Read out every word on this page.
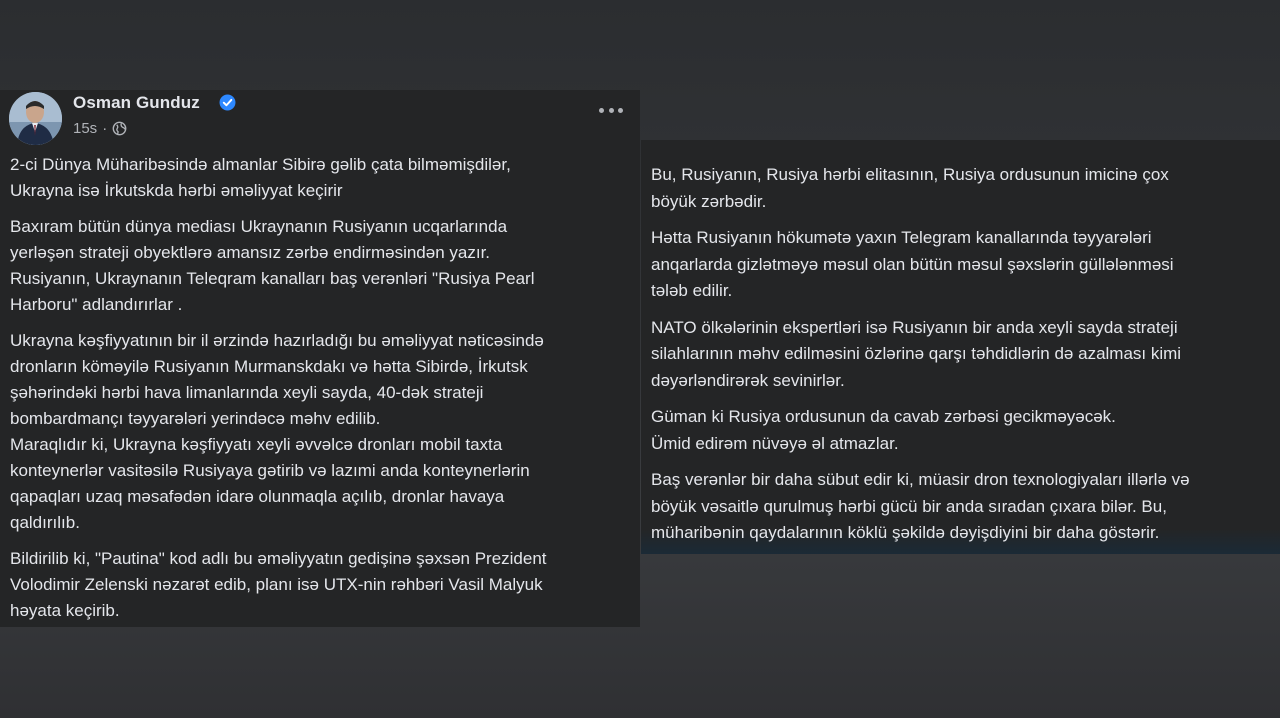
Osman Gunduz
15s ·

2-ci Dünya Müharibəsində almanlar Sibirə gəlib çata bilməmişdilər,
Ukrayna isə İrkutskda hərbi əməliyyat keçirir

Baxıram bütün dünya mediası Ukraynanın Rusiyanın ucqarlarında
yerləşən strateji obyektlərə amansız zərbə endirməsindən yazır.
Rusiyanın, Ukraynanın Teleqram kanalları baş verənləri "Rusiya Pearl
Harboru" adlandırırlar .

Ukrayna kəşfiyyatının bir il ərzində hazırladığı bu əməliyyat nəticəsində
dronların köməyilə Rusiyanın Murmanskdakı və hətta Sibirdə, İrkutsk
şəhərindəki hərbi hava limanlarında xeyli sayda, 40-dək strateji
bombardmançı təyyarələri yerindəcə məhv edilib.
Maraqlıdır ki, Ukrayna kəşfiyyatı xeyli əvvəlcə dronları mobil taxta
konteynerlər vasitəsilə Rusiyaya gətirib və lazımi anda konteynerlərin
qapaqları uzaq məsafədən idarə olunmaqla açılıb, dronlar havaya
qaldırılıb.

Bildirilib ki, "Pautina" kod adlı bu əməliyyatın gedişinə şəxsən Prezident
Volodimir Zelenski nəzarət edib, planı isə UTX-nin rəhbəri Vasil Malyuk
həyata keçirib.

Bu, Rusiyanın, Rusiya hərbi elitasının, Rusiya ordusunun imicinə çox
böyük zərbədir.

Hətta Rusiyanın hökumətə yaxın Telegram kanallarında təyyarələri
anqarlarda gizlətməyə məsul olan bütün məsul şəxslərin güllələnməsi
tələb edilir.

NATO ölkələrinin ekspertləri isə Rusiyanın bir anda xeyli sayda strateji
silahlarının məhv edilməsini özlərinə qarşı təhdidlərin də azalması kimi
dəyərləndirərək sevinirlər.

Güman ki Rusiya ordusunun da cavab zərbəsi gecikməyəcək.
Ümid edirəm nüvəyə əl atmazlar.

Baş verənlər bir daha sübut edir ki, müasir dron texnologiyaları illərlə və
böyük vəsaitlə qurulmuş hərbi gücü bir anda sıradan çıxara bilər. Bu,
müharibənin qaydalarının köklü şəkildə dəyişdiyini bir daha göstərir.
